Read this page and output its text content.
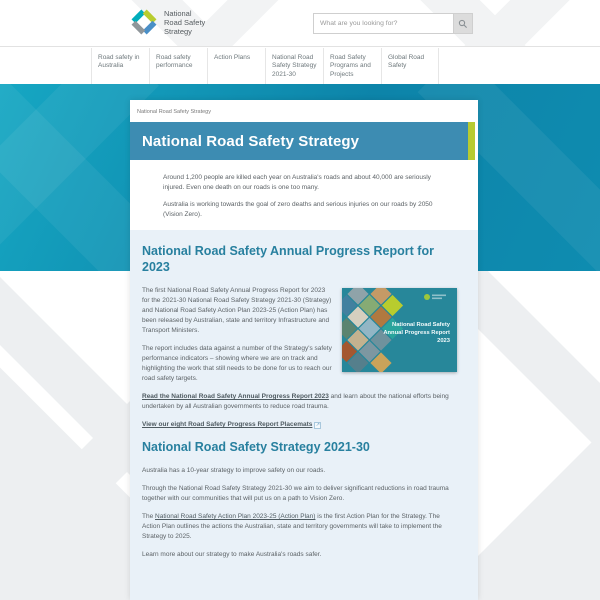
National
Road Safety
Strategy
What are you looking for?
Road safety in Australia
Road safety performance
Action Plans	National Road Safety Strategy 2021-30
Road Safety Programs and Projects
Global Road Safety
National Road Safety Strategy
National Road Safety Strategy

Around 1,200 people are killed each year on Australia's roads and about 40,000 are seriously injured. Even one death on our roads is one too many.

Australia is working towards the goal of zero deaths and serious injuries on our roads by 2050 (Vision Zero).

National Road Safety Annual Progress Report for 2023
National Road Safety
Annual Progress Report
2023

The first National Road Safety Annual Progress Report for 2023 for the 2021-30 National Road Safety Strategy 2021-30 (Strategy) and National Road Safety Action Plan 2023-25 (Action Plan) has been released by Australian, state and territory Infrastructure and Transport Ministers.

The report includes data against a number of the Strategy's safety performance indicators – showing where we are on track and highlighting the work that still needs to be done for us to reach our road safety targets.

Read the National Road Safety Annual Progress Report 2023 and learn about the national efforts being undertaken by all Australian governments to reduce road trauma.

View our eight Road Safety Progress Report Placemats ↗

National Road Safety Strategy 2021-30

Australia has a 10-year strategy to improve safety on our roads.

Through the National Road Safety Strategy 2021-30 we aim to deliver significant reductions in road trauma together with our communities that will put us on a path to Vision Zero.

The National Road Safety Action Plan 2023-25 (Action Plan) is the first Action Plan for the Strategy. The Action Plan outlines the actions the Australian, state and territory governments will take to implement the Strategy to 2025.

Learn more about our strategy to make Australia's roads safer.
